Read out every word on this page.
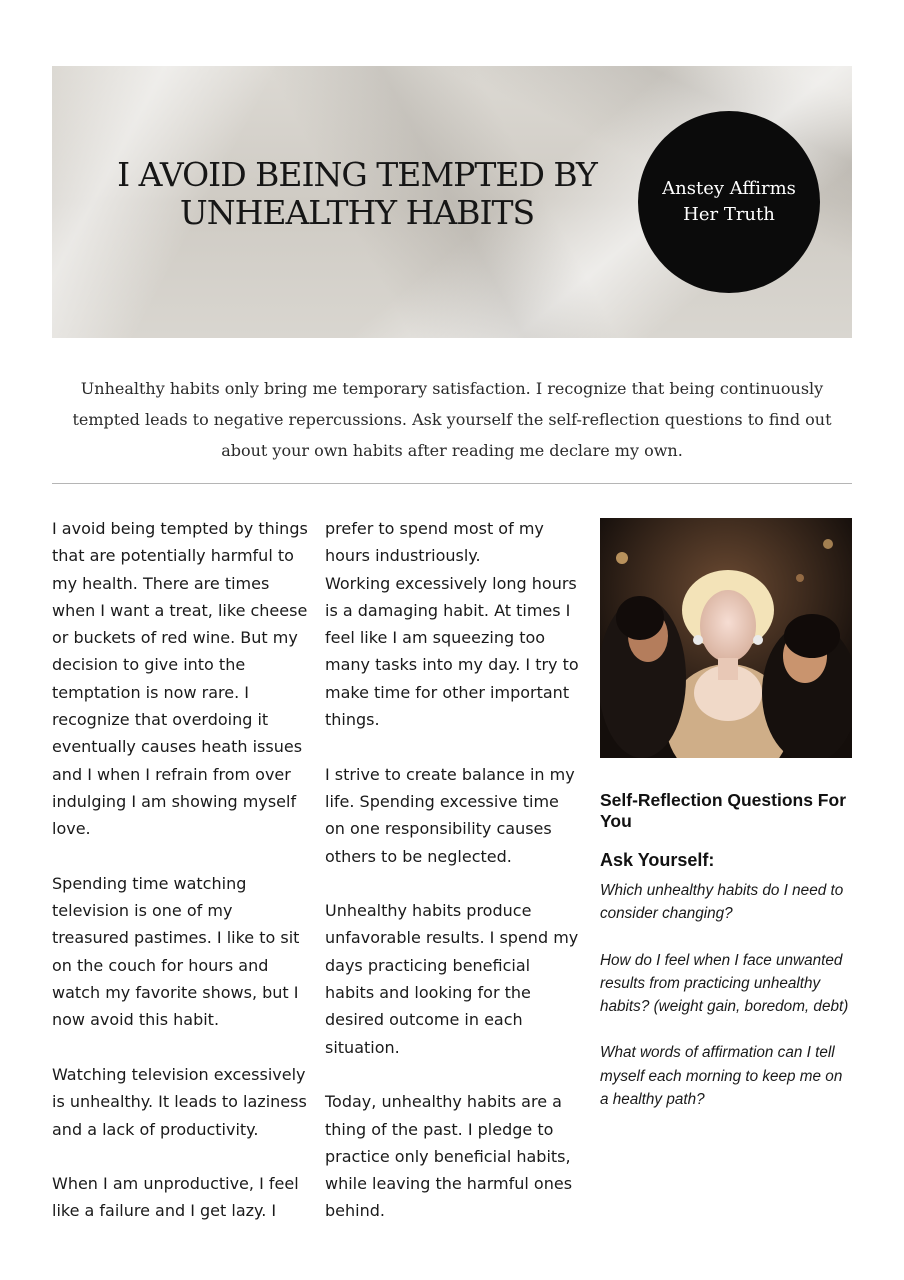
I AVOID BEING TEMPTED BY UNHEALTHY HABITS
Anstey Affirms Her Truth

Unhealthy habits only bring me temporary satisfaction. I recognize that being continuously tempted leads to negative repercussions. Ask yourself the self-reflection questions to find out about your own habits after reading me declare my own.

I avoid being tempted by things that are potentially harmful to my health. There are times when I want a treat, like cheese or buckets of red wine. But my decision to give into the temptation is now rare. I recognize that overdoing it eventually causes heath issues and I when I refrain from over indulging I am showing myself love.

Spending time watching television is one of my treasured pastimes. I like to sit on the couch for hours and watch my favorite shows, but I now avoid this habit.

Watching television excessively is unhealthy. It leads to laziness and a lack of productivity.

When I am unproductive, I feel like a failure and I get lazy. I

prefer to spend most of my hours industriously.

Working excessively long hours is a damaging habit. At times I feel like I am squeezing too many tasks into my day. I try to make time for other important things.

I strive to create balance in my life. Spending excessive time on one responsibility causes others to be neglected.

Unhealthy habits produce unfavorable results. I spend my days practicing beneficial habits and looking for the desired outcome in each situation.

Today, unhealthy habits are a thing of the past. I pledge to practice only beneficial habits, while leaving the harmful ones behind.

Self-Reflection Questions For You
Ask Yourself:

Which unhealthy habits do I need to consider changing?

How do I feel when I face unwanted results from practicing unhealthy habits? (weight gain, boredom, debt)

What words of affirmation can I tell myself each morning to keep me on a healthy path?
